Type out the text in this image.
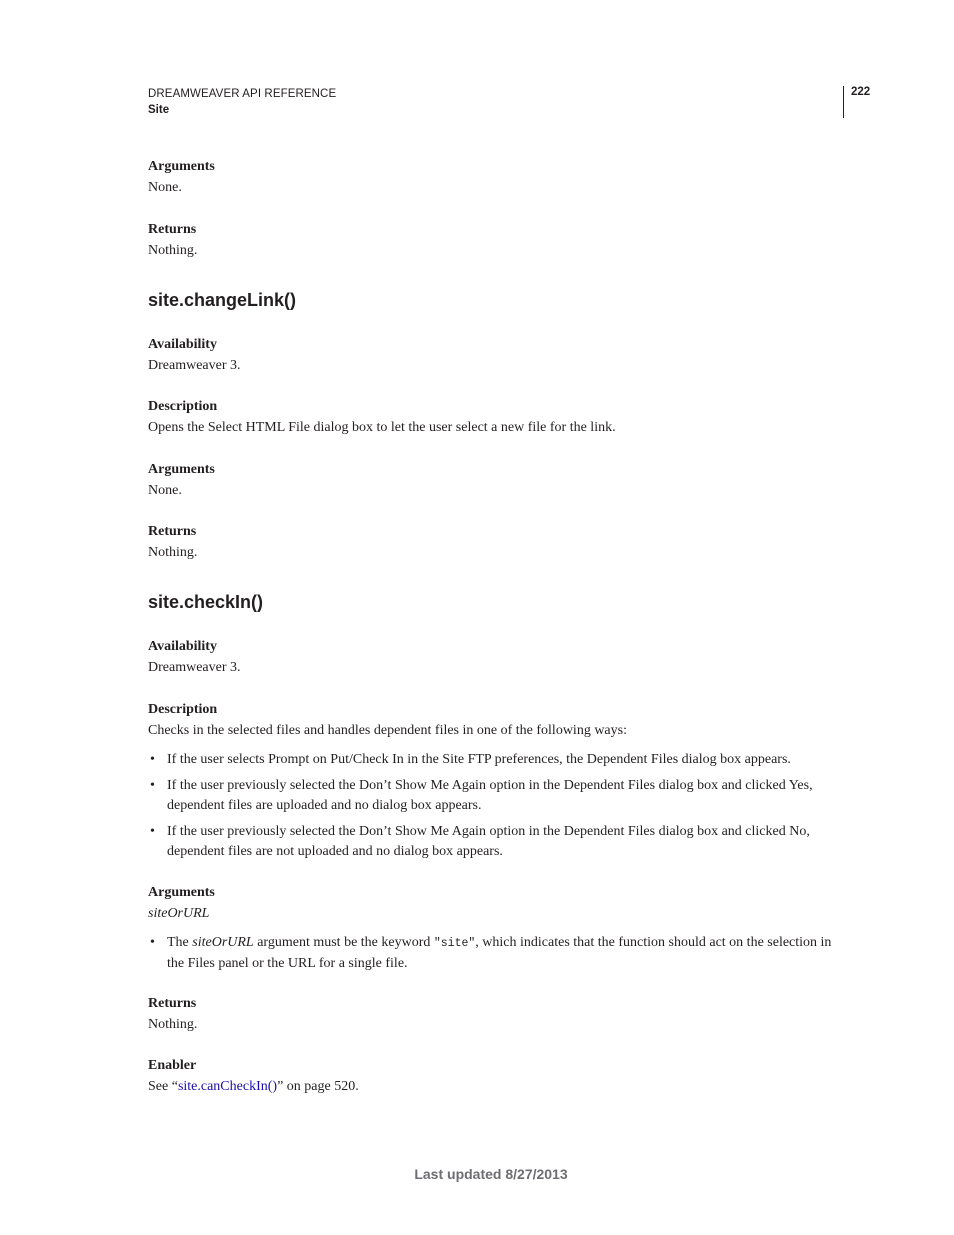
DREAMWEAVER API REFERENCE
Site
222
Arguments
None.
Returns
Nothing.
site.changeLink()
Availability
Dreamweaver 3.
Description
Opens the Select HTML File dialog box to let the user select a new file for the link.
Arguments
None.
Returns
Nothing.
site.checkIn()
Availability
Dreamweaver 3.
Description
Checks in the selected files and handles dependent files in one of the following ways:
• If the user selects Prompt on Put/Check In in the Site FTP preferences, the Dependent Files dialog box appears.
• If the user previously selected the Don’t Show Me Again option in the Dependent Files dialog box and clicked Yes, dependent files are uploaded and no dialog box appears.
• If the user previously selected the Don’t Show Me Again option in the Dependent Files dialog box and clicked No, dependent files are not uploaded and no dialog box appears.
Arguments
siteOrURL
• The siteOrURL argument must be the keyword "site", which indicates that the function should act on the selection in the Files panel or the URL for a single file.
Returns
Nothing.
Enabler
See “site.canCheckIn()” on page 520.
Last updated 8/27/2013
